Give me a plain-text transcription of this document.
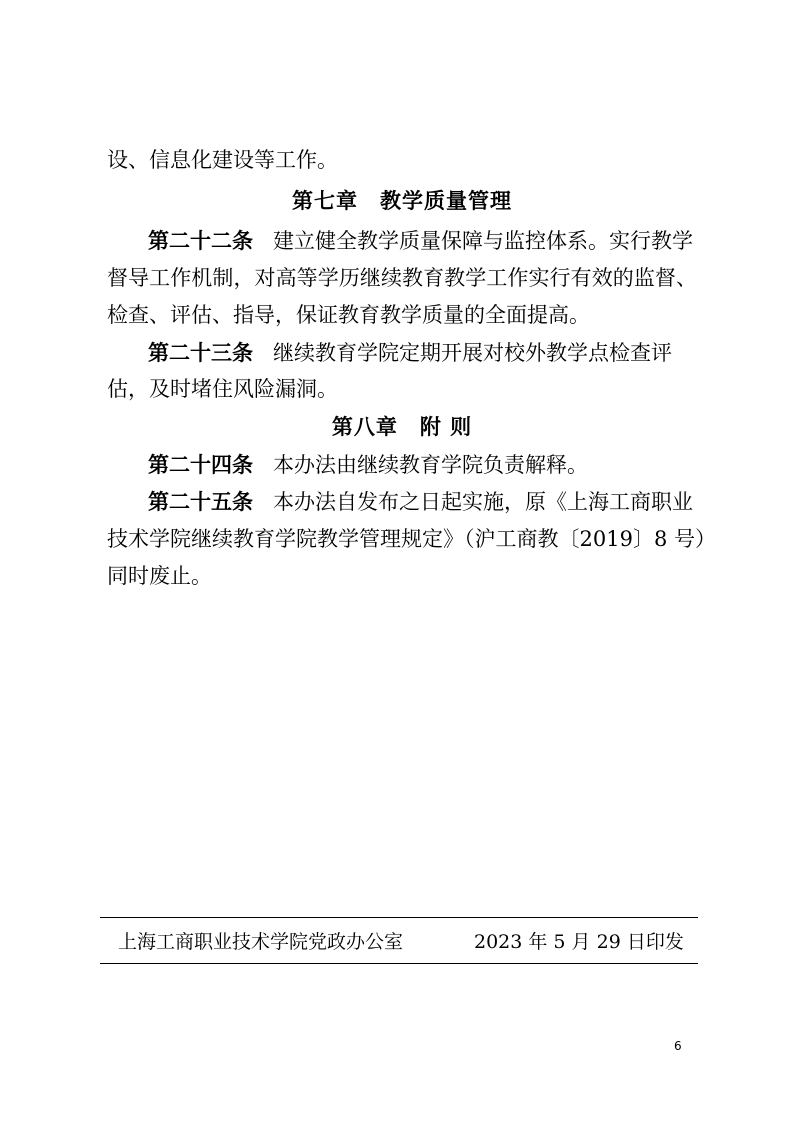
设、信息化建设等工作。
第七章　教学质量管理
第二十二条 建立健全教学质量保障与监控体系。实行教学
督导工作机制，对高等学历继续教育教学工作实行有效的监督、
检查、评估、指导，保证教育教学质量的全面提高。
第二十三条 继续教育学院定期开展对校外教学点检查评
估，及时堵住风险漏洞。
第八章　附 则
第二十四条 本办法由继续教育学院负责解释。
第二十五条 本办法自发布之日起实施，原《上海工商职业
技术学院继续教育学院教学管理规定》（沪工商教〔2019〕8 号）
同时废止。
上海工商职业技术学院党政办公室	2023 年 5 月 29 日印发
6
